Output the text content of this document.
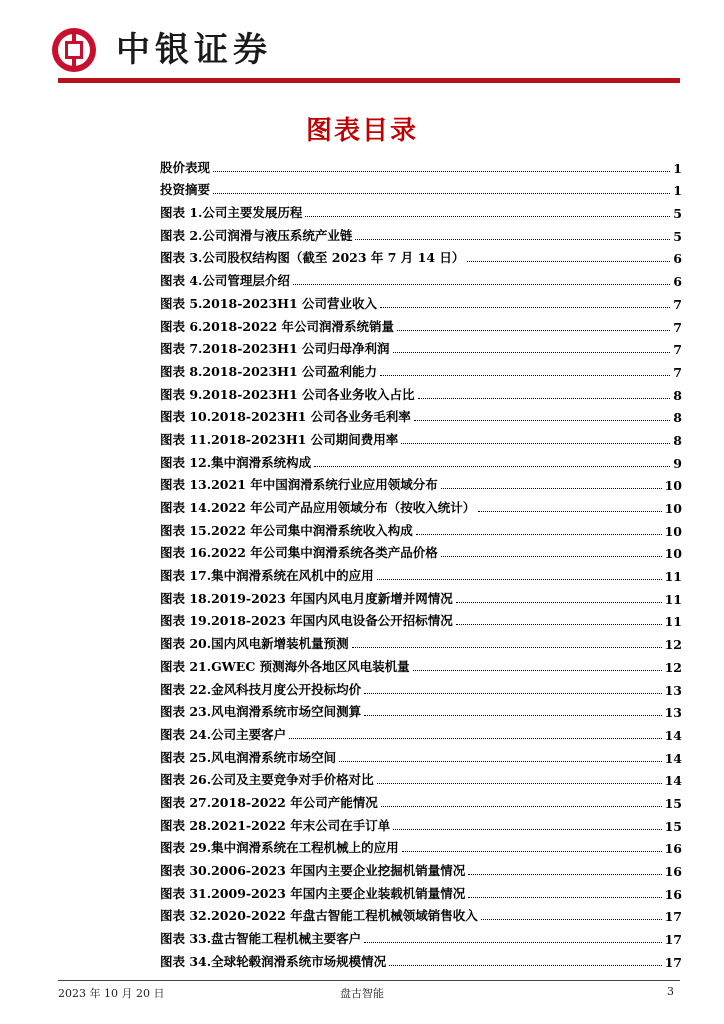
中银证券
图表目录
股价表现	1
投资摘要	1
图表 1.公司主要发展历程	5
图表 2.公司润滑与液压系统产业链	5
图表 3.公司股权结构图（截至 2023 年 7 月 14 日）	6
图表 4.公司管理层介绍	6
图表 5.2018-2023H1 公司营业收入	7
图表 6.2018-2022 年公司润滑系统销量	7
图表 7.2018-2023H1 公司归母净利润	7
图表 8.2018-2023H1 公司盈利能力	7
图表 9.2018-2023H1 公司各业务收入占比	8
图表 10.2018-2023H1 公司各业务毛利率	8
图表 11.2018-2023H1 公司期间费用率	8
图表 12.集中润滑系统构成	9
图表 13.2021 年中国润滑系统行业应用领域分布	10
图表 14.2022 年公司产品应用领域分布（按收入统计）	10
图表 15.2022 年公司集中润滑系统收入构成	10
图表 16.2022 年公司集中润滑系统各类产品价格	10
图表 17.集中润滑系统在风机中的应用	11
图表 18.2019-2023 年国内风电月度新增并网情况	11
图表 19.2018-2023 年国内风电设备公开招标情况	11
图表 20.国内风电新增装机量预测	12
图表 21.GWEC 预测海外各地区风电装机量	12
图表 22.金风科技月度公开投标均价	13
图表 23.风电润滑系统市场空间测算	13
图表 24.公司主要客户	14
图表 25.风电润滑系统市场空间	14
图表 26.公司及主要竞争对手价格对比	14
图表 27.2018-2022 年公司产能情况	15
图表 28.2021-2022 年末公司在手订单	15
图表 29.集中润滑系统在工程机械上的应用	16
图表 30.2006-2023 年国内主要企业挖掘机销量情况	16
图表 31.2009-2023 年国内主要企业装载机销量情况	16
图表 32.2020-2022 年盘古智能工程机械领域销售收入	17
图表 33.盘古智能工程机械主要客户	17
图表 34.全球轮毂润滑系统市场规模情况	17
2023 年 10 月 20 日	盘古智能	3
